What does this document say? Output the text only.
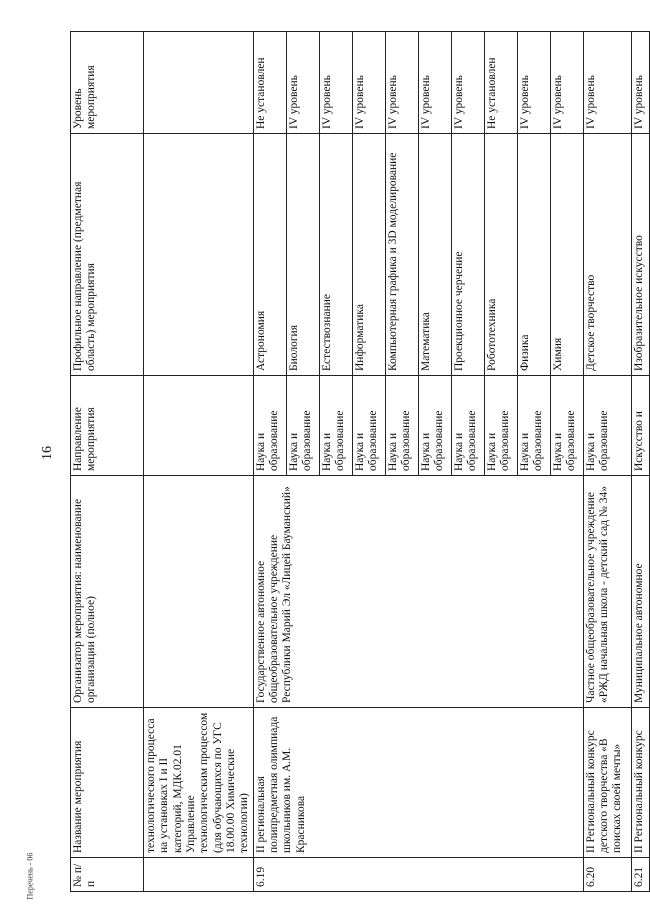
16
№ п/п	Название мероприятия	Организатор мероприятия: наименование организации (полное)	Направление мероприятия	Профильное направление (предметная область) мероприятия	Уровень мероприятия
	технологического процесса на установках I и II категорий, МДК.02.01 Управление технологическим процессом (для обучающихся по УГС 18.00.00 Химические технологии)				
6.19	II региональная полипредметная олимпиада школьников им. А.М. Красникова	Государственное автономное общеобразовательное учреждение Республики Марий Эл «Лицей Бауманский»	Наука и образование	Астрономия	Не установлен
			Наука и образование	Биология	IV уровень
			Наука и образование	Естествознание	IV уровень
			Наука и образование	Информатика	IV уровень
			Наука и образование	Компьютерная графика и 3D моделирование	IV уровень
			Наука и образование	Математика	IV уровень
			Наука и образование	Проекционное черчение	IV уровень
			Наука и образование	Робототехника	Не установлен
			Наука и образование	Физика	IV уровень
			Наука и образование	Химия	IV уровень
6.20	II Региональный конкурс детского творчества «В поисках своей мечты»	Частное общеобразовательное учреждение «РЖД начальная школа - детский сад № 34»	Наука и образование	Детское творчество	IV уровень
6.21	II Региональный конкурс	Муниципальное автономное	Искусство и	Изобразительное искусство	IV уровень
Перечень - 06
